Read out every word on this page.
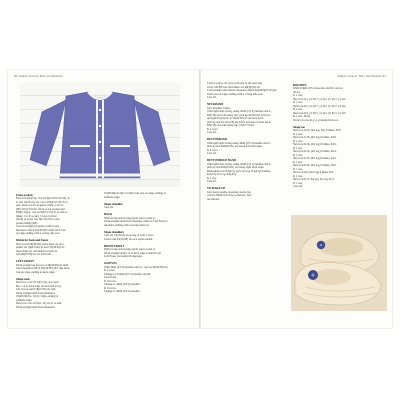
86 Simple Jackets, Hats and Beanies

Front pockets

Next row K6(7:8), cast off 8(9:10:10:10:10), K

to last 14(15:16), etc cast off 8(9:10:10), K to

end. Work 2 rows in garter stitch. Cast on

(8(9:10:10:10) Sts. Work as for pocket and

K(8(9:10)) x, cast on 8(9:10:10), K to end of

lining 1 st, K to end, 3 rows in (first

stitch) of every row 8(9:10) Sts to end.

pocket lining (K8).

Cont in straight in garter st until work

measures 13(14:15)cm/5(5½:6)in from cast

on edge ending with a wrong side row.

Divide for back and fronts

Next row K28(33:38), leave these sts on a

holder for right front, K next 53(58:63) sts

leave these sts on holder for back, K

rem 28(33:38) sts for left front.

LEFT FRONT

Work straight on last set of 28(33:38) sts until

front measures 22(25:28)cm/8½(10:11)in from

cast on edge, ending at neck edge.

Shape neck

Next row cast off 5(6:7) sts, K to end.

Dec 1 st at neck edge on next and every

foll alt row until 18(22:26) sts rem.

Work straight until front measures

25(28:30)cm / 10(11:12)in, ending at

armhole edge.

Next row cast off 9(11:13) sts, K to end.

Work straight until front measures

25(28:30)cm/10(11:12)in from cast on edge, ending at

armhole edge.

Shape shoulder

Cast off.

BACK

With wrong side facing rejoin yarn to next st.

Work straight until back measures same as Left Front to

shoulder, ending with a wrong side row.

Shape shoulders

Cast off 14(16:18) sts at beg of next 2 rows.

Leave rem 25(26:28) sts on a spare needle.

RIGHT FRONT

With wrong side facing rejoin yarn to next st.

Work straight until 1 st at neck edge to match Left

Left Front, reversing all shapings.

SLEEVES

With 4mm (US 6) needles and CC cast on 32(34:38) sts.

K 5 rows.

Change to 3.5mm (US 5) needles and M.

Cont in M.

K 16 rows.

Change to 4mm (US 6) needles.

K 16 rows.

Change to 4mm (US 6) needles.

Simple Jackets, Hats and Beanies 87

Cont to patt to 25 sts in each end of the next and

every foll 8th row until there are 48(50:54) sts.

Cont straight until sleeve measures 20(22:24)cm/8(8½:9½)in

from cast on edge, ending with a wrong side row.

Cast off.

NECKBAND

Join shoulder seams.

With right side facing, using 3mm (US 3) needles and C,

K6(7:8) sts from safety pin, pick up and K12(14:16) sts

up right front neck, K 25(26:28) sts on back neck,

pick up and K12(14:16) sts down left side of front neck,

K6(7:8) sts from safety pin. 61(67:73) sts.

K 2 rows.

Cast off.

BUTTONBAND

With right side facing using 3mm (US 3) needles and C,

pick up and K49(55:61) sts along left front edge.

K 2 rows.

Cast off.

BUTTONHOLE BAND

With right side facing, using 3mm (US 3) needles and C,

pick up and K49(55:61) sts along right front edge.

Buttonhole row K3(4:5), [yrn, K2 tog, K4(4:5)] 6 times,

K2(2:3), K2 tog, K3(4:5).

K 1 row.

Cast off.

TO MAKE UP

Join sleeve seams, inserting sleeve top

cuff for 8mm/⅓in. Sew to sleeves. Sew

on buttons.

BOOTEES

With 3.5mm (US 4) needles and M, cast on

36 sts.

K 1 row.

Next row K1, yf, K17, yf, K1, yf, K17, yf, K1.

K 1 row.

Next row K2, yf, K17, yf, K2, yf, K17, yf, K2.

K 1 row.

Next row K3, yf, K17, yf, K3, yf, K17, yf, K3.

K 1 row. 48 sts.

Work 12 rows in g st, working first row.

Shape toe

Next row K20, (K2 tog, K2) 3 times, K16.

K 1 row.

Next row K18, (K2 tog) 6 times, K18.

K 1 row.

Next row K16, (K2 tog) 6 times, K16.

K 1 row.

Next row K14, (K2 tog) 6 times, K14.

K 1 row.

Next row K12, (K2 tog) 6 times, K12.

K 1 row.

Next row K10, (K2 tog) 6 times, K10.

K 1 row.

Next row K8, (K2 tog) 6 times, K8.

K 1 row.

Next row K17, K2 tog, K2 tog, K17.

K 1 row.

Cast off.
